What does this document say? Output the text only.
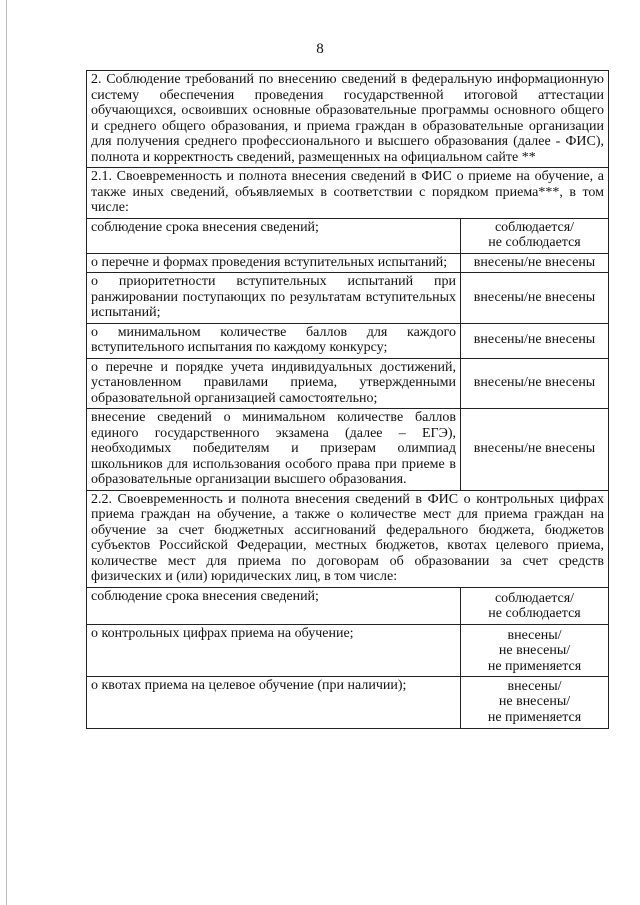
8
2. Соблюдение требований по внесению сведений в федеральную информационную систему обеспечения проведения государственной итоговой аттестации обучающихся, освоивших основные образовательные программы основного общего и среднего общего образования, и приема граждан в образовательные организации для получения среднего профессионального и высшего образования (далее - ФИС), полнота и корректность сведений, размещенных на официальном сайте **	
2.1. Своевременность и полнота внесения сведений в ФИС о приеме на обучение, а также иных сведений, объявляемых в соответствии с порядком приема***, в том числе:	
соблюдение срока внесения сведений;	соблюдается/
не соблюдается
о перечне и формах проведения вступительных испытаний;	внесены/не внесены
о приоритетности вступительных испытаний при ранжировании поступающих по результатам вступительных испытаний;	внесены/не внесены
о минимальном количестве баллов для каждого вступительного испытания по каждому конкурсу;	внесены/не внесены
о перечне и порядке учета индивидуальных достижений, установленном правилами приема, утвержденными образовательной организацией самостоятельно;	внесены/не внесены
внесение сведений о минимальном количестве баллов единого государственного экзамена (далее – ЕГЭ), необходимых победителям и призерам олимпиад школьников для использования особого права при приеме в образовательные организации высшего образования.	внесены/не внесены
2.2. Своевременность и полнота внесения сведений в ФИС о контрольных цифрах приема граждан на обучение, а также о количестве мест для приема граждан на обучение за счет бюджетных ассигнований федерального бюджета, бюджетов субъектов Российской Федерации, местных бюджетов, квотах целевого приема, количестве мест для приема по договорам об образовании за счет средств физических и (или) юридических лиц, в том числе:	
соблюдение срока внесения сведений;	соблюдается/
не соблюдается

о контрольных цифрах приема на обучение;	внесены/
не внесены/
не применяется

о квотах приема на целевое обучение (при наличии);	внесены/
не внесены/
не применяется
